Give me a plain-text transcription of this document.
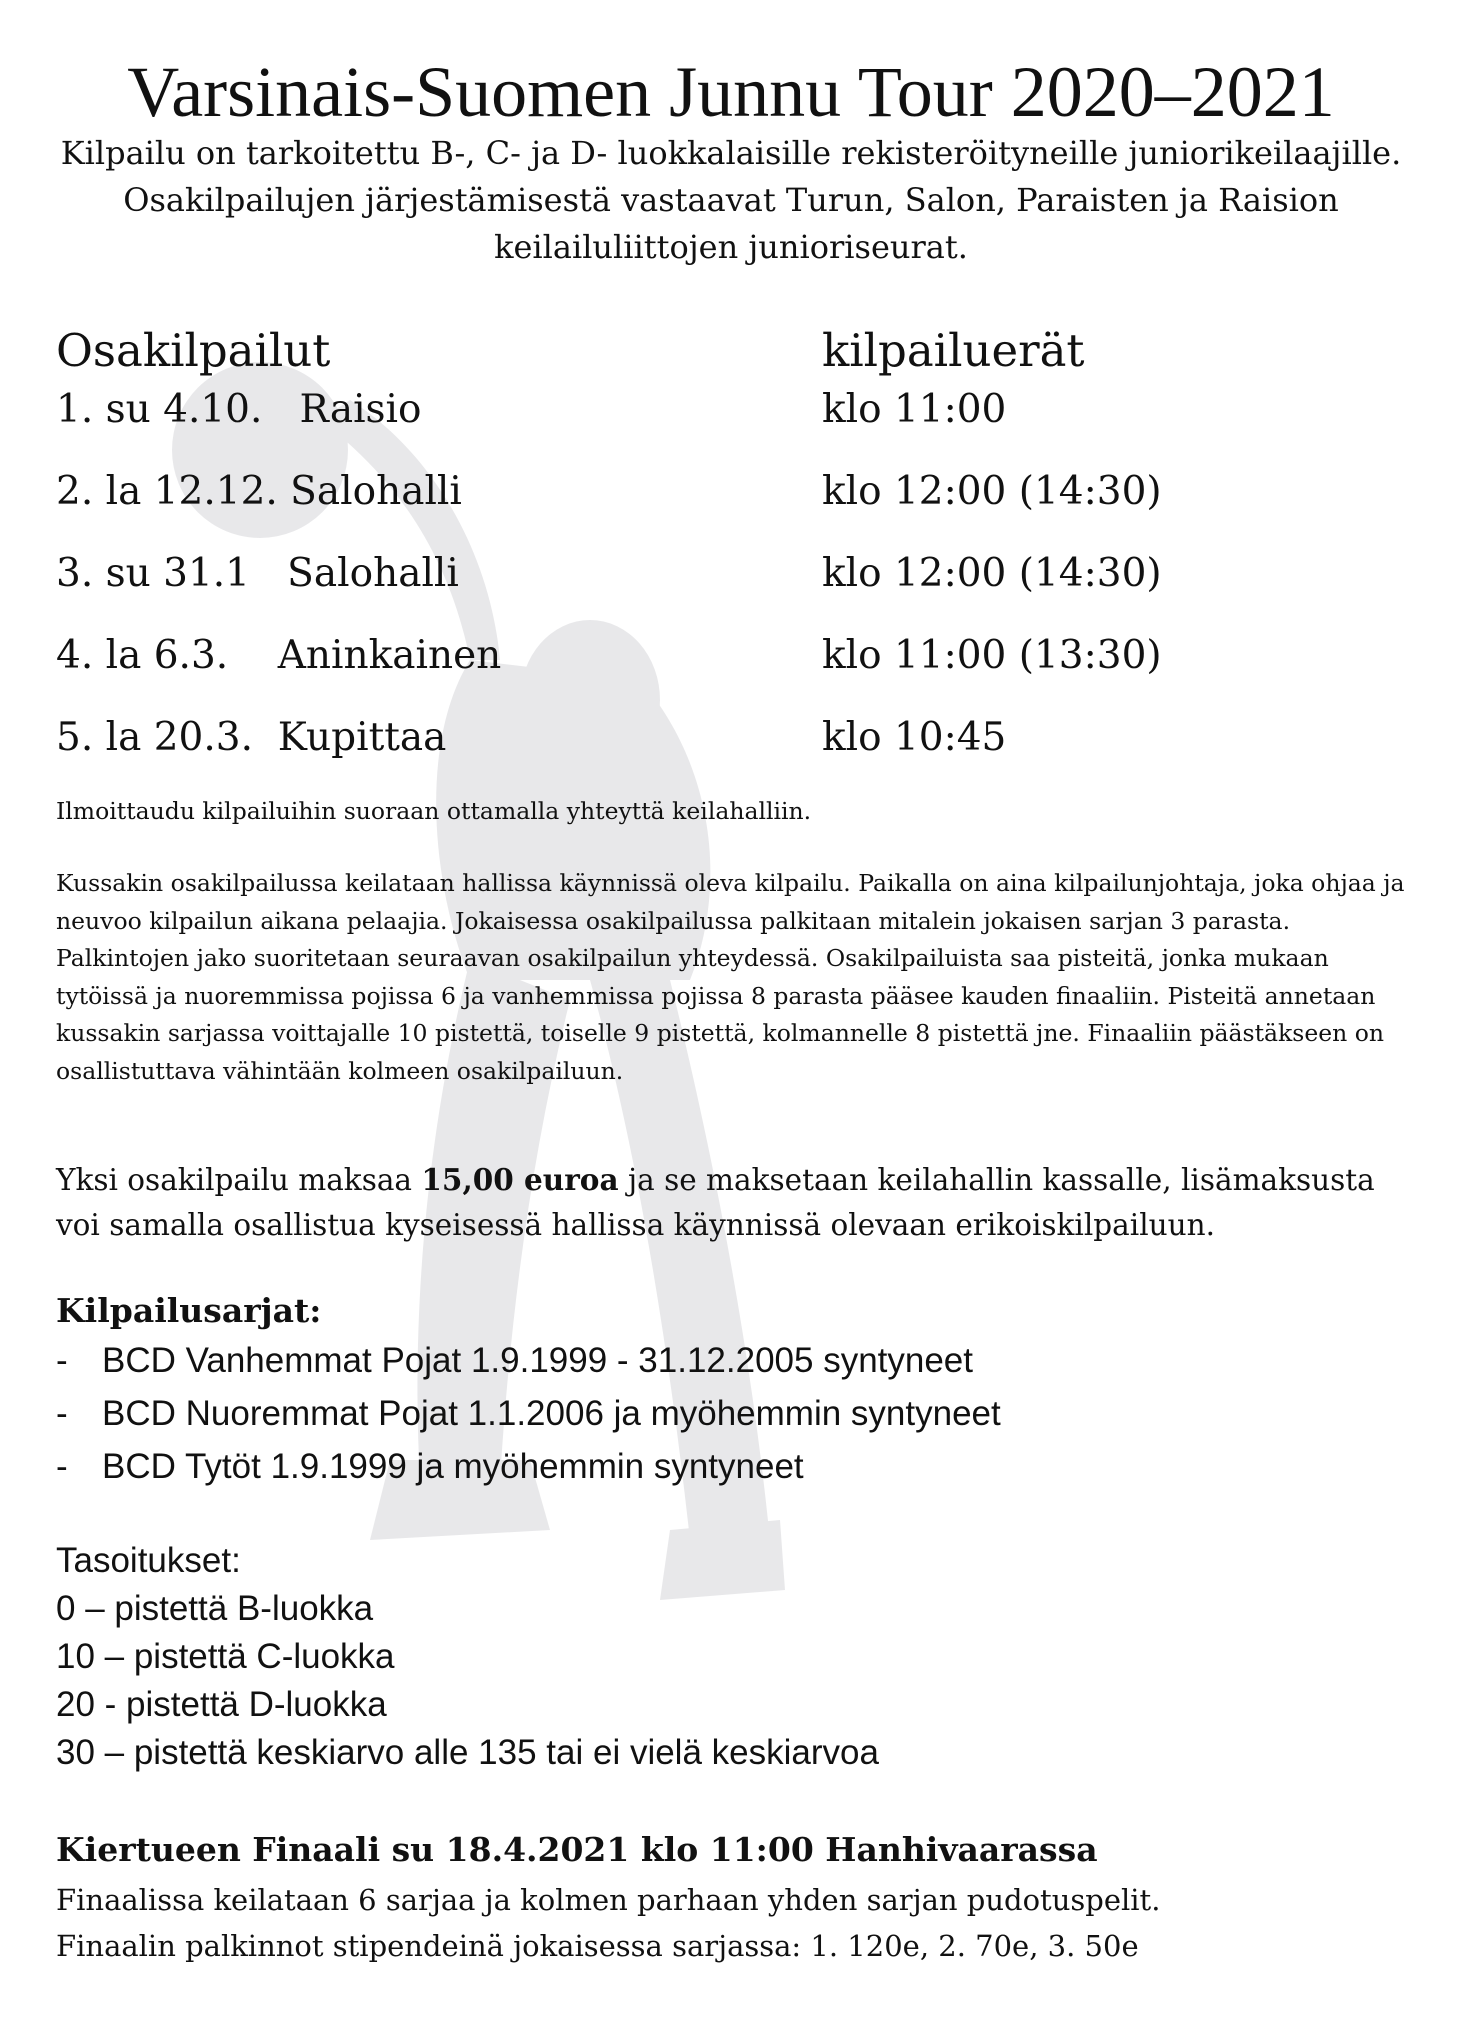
Varsinais-Suomen Junnu Tour 2020–2021

Kilpailu on tarkoitettu B-, C- ja D- luokkalaisille rekisteröityneille juniorikeilaajille. Osakilpailujen järjestämisestä vastaavat Turun, Salon, Paraisten ja Raision keilailuliittojen junioriseurat.

Osakilpailut	kilpailuerät

1. su 4.10.   Raisio	klo 11:00

2. la 12.12. Salohalli	klo 12:00 (14:30)

3. su 31.1   Salohalli	klo 12:00 (14:30)

4. la 6.3.    Aninkainen	klo 11:00 (13:30)

5. la 20.3.  Kupittaa	klo 10:45

Ilmoittaudu kilpailuihin suoraan ottamalla yhteyttä keilahalliin.

Kussakin osakilpailussa keilataan hallissa käynnissä oleva kilpailu. Paikalla on aina kilpailunjohtaja, joka ohjaa ja neuvoo kilpailun aikana pelaajia. Jokaisessa osakilpailussa palkitaan mitalein jokaisen sarjan 3 parasta. Palkintojen jako suoritetaan seuraavan osakilpailun yhteydessä. Osakilpailuista saa pisteitä, jonka mukaan tytöissä ja nuoremmissa pojissa 6 ja vanhemmissa pojissa 8 parasta pääsee kauden finaaliin. Pisteitä annetaan kussakin sarjassa voittajalle 10 pistettä, toiselle 9 pistettä, kolmannelle 8 pistettä jne. Finaaliin päästäkseen on osallistuttava vähintään kolmeen osakilpailuun.

Yksi osakilpailu maksaa 15,00 euroa ja se maksetaan keilahallin kassalle, lisämaksusta voi samalla osallistua kyseisessä hallissa käynnissä olevaan erikoiskilpailuun.

Kilpailusarjat:

- BCD Vanhemmat Pojat 1.9.1999 - 31.12.2005 syntyneet

- BCD Nuoremmat Pojat 1.1.2006 ja myöhemmin syntyneet

- BCD Tytöt 1.9.1999 ja myöhemmin syntyneet

Tasoitukset:

0 – pistettä B-luokka

10 – pistettä C-luokka

20 - pistettä D-luokka

30 – pistettä keskiarvo alle 135 tai ei vielä keskiarvoa

Kiertueen Finaali su 18.4.2021 klo 11:00 Hanhivaarassa

Finaalissa keilataan 6 sarjaa ja kolmen parhaan yhden sarjan pudotuspelit.

Finaalin palkinnot stipendeinä jokaisessa sarjassa: 1. 120e, 2. 70e, 3. 50e
